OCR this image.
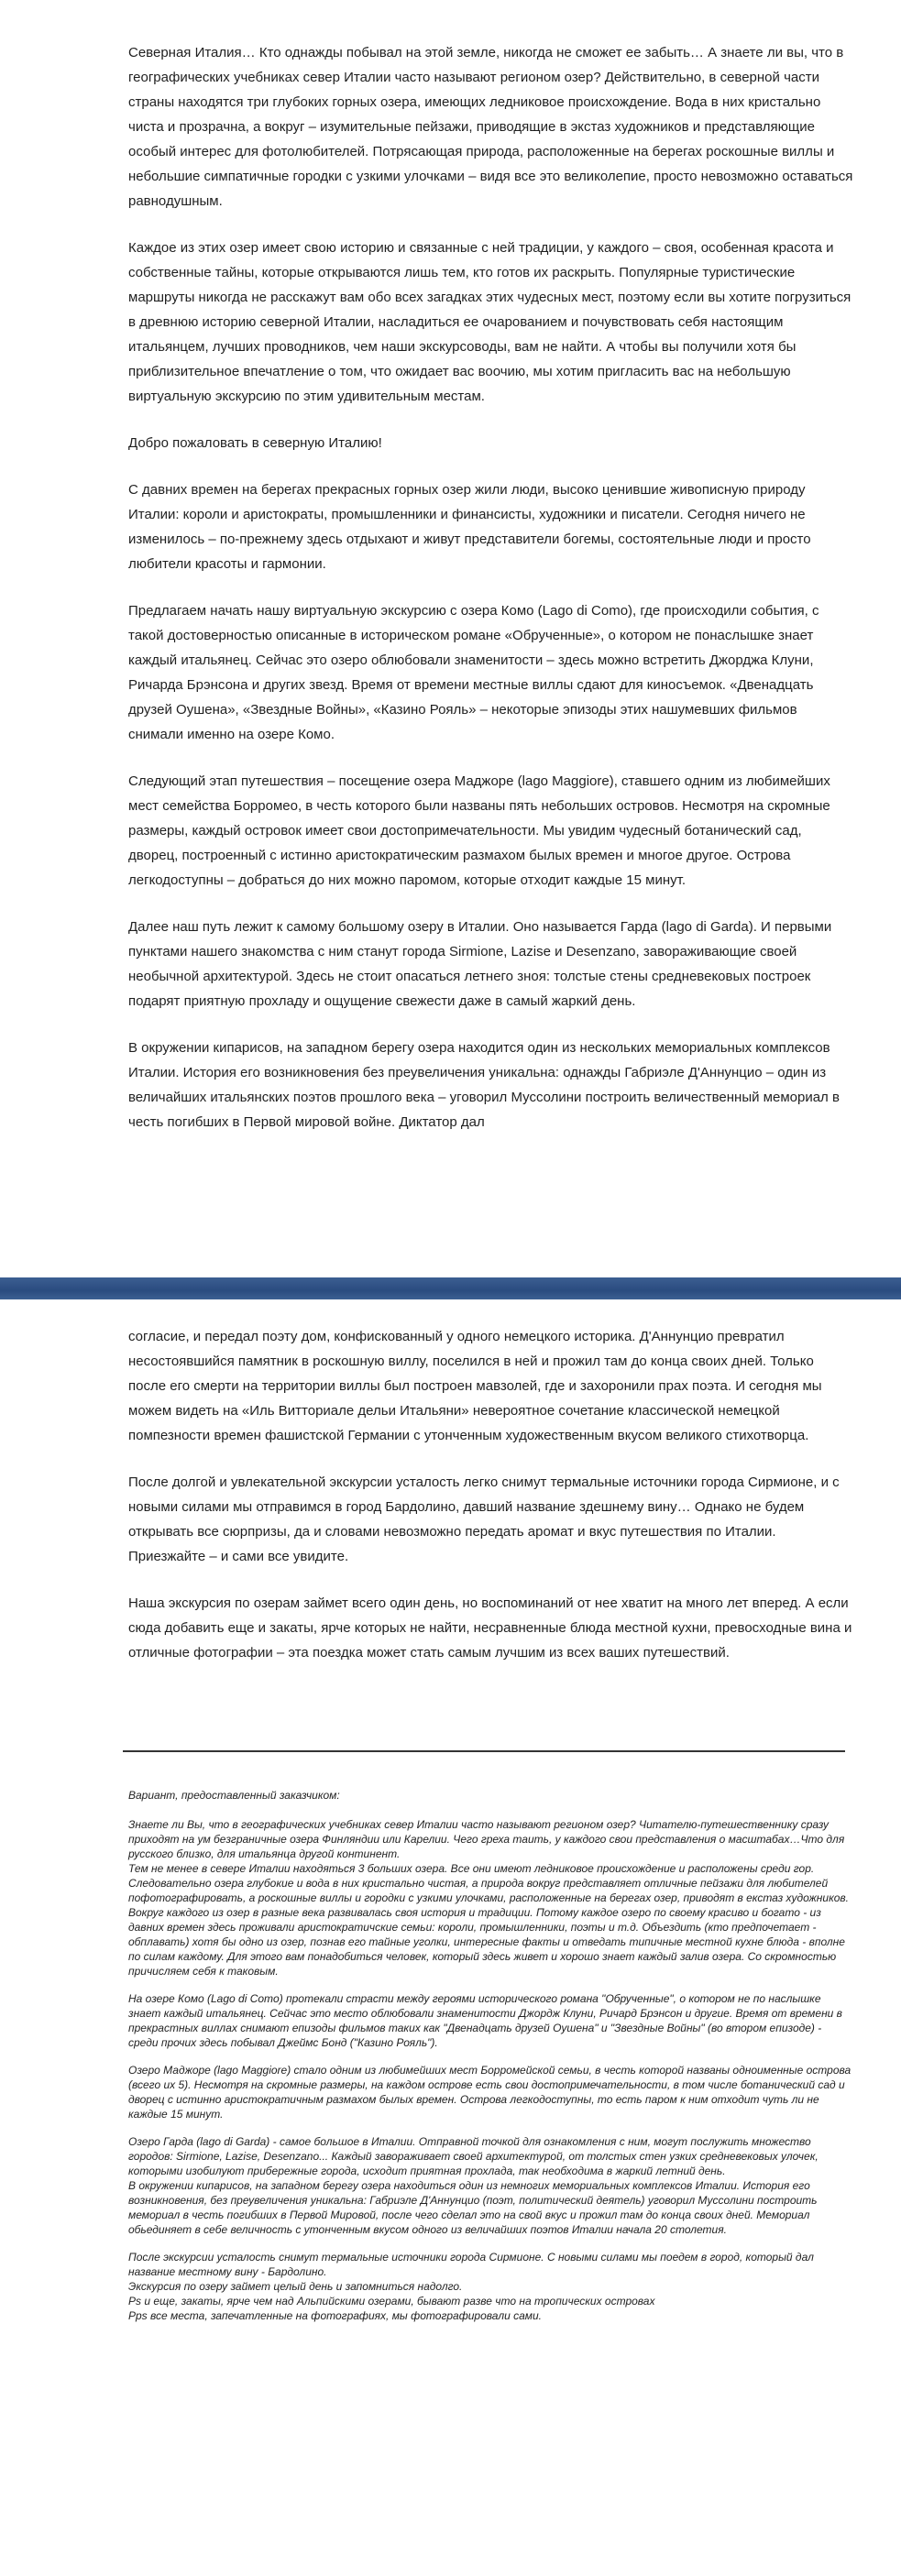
Северная Италия… Кто однажды побывал на этой земле, никогда не сможет ее забыть… А знаете ли вы, что в географических учебниках север Италии часто называют регионом озер? Действительно, в северной части страны находятся три глубоких горных озера, имеющих ледниковое происхождение. Вода в них кристально чиста и прозрачна, а вокруг – изумительные пейзажи, приводящие в экстаз художников и представляющие особый интерес для фотолюбителей. Потрясающая природа, расположенные на берегах роскошные виллы и небольшие симпатичные городки с узкими улочками – видя все это великолепие, просто невозможно оставаться равнодушным.

Каждое из этих озер имеет свою историю и связанные с ней традиции, у каждого – своя, особенная красота и собственные тайны, которые открываются лишь тем, кто готов их раскрыть. Популярные туристические маршруты никогда не расскажут вам обо всех загадках этих чудесных мест, поэтому если вы хотите погрузиться в древнюю историю северной Италии, насладиться ее очарованием и почувствовать себя настоящим итальянцем, лучших проводников, чем наши экскурсоводы, вам не найти. А чтобы вы получили хотя бы приблизительное впечатление о том, что ожидает вас воочию, мы хотим пригласить вас на небольшую виртуальную экскурсию по этим удивительным местам.

Добро пожаловать в северную Италию!

С давних времен на берегах прекрасных горных озер жили люди, высоко ценившие живописную природу Италии: короли и аристократы, промышленники и финансисты, художники и писатели. Сегодня ничего не изменилось – по-прежнему здесь отдыхают и живут представители богемы, состоятельные люди и просто любители красоты и гармонии.

Предлагаем начать нашу виртуальную экскурсию с озера Комо (Lago di Como), где происходили события, с такой достоверностью описанные в историческом романе «Обрученные», о котором не понаслышке знает каждый итальянец. Сейчас это озеро облюбовали знаменитости – здесь можно встретить Джорджа Клуни, Ричарда Брэнсона и других звезд. Время от времени местные виллы сдают для киносъемок. «Двенадцать друзей Оушена», «Звездные Войны», «Казино Рояль» – некоторые эпизоды этих нашумевших фильмов снимали именно на озере Комо.

Следующий этап путешествия – посещение озера Маджоре (lago Maggiore), ставшего одним из любимейших мест семейства Борромео, в честь которого были названы пять небольших островов. Несмотря на скромные размеры, каждый островок имеет свои достопримечательности. Мы увидим чудесный ботанический сад, дворец, построенный с истинно аристократическим размахом былых времен и многое другое. Острова легкодоступны – добраться до них можно паромом, которые отходит каждые 15 минут.

Далее наш путь лежит к самому большому озеру в Италии. Оно называется Гарда (lago di Garda). И первыми пунктами нашего знакомства с ним станут города Sirmione, Lazise и Desenzano, завораживающие своей необычной архитектурой. Здесь не стоит опасаться летнего зноя: толстые стены средневековых построек подарят приятную прохладу и ощущение свежести даже в самый жаркий день.

В окружении кипарисов, на западном берегу озера находится один из нескольких мемориальных комплексов Италии. История его возникновения без преувеличения уникальна: однажды Габриэле Д'Аннунцио – один из величайших итальянских поэтов прошлого века – уговорил Муссолини построить величественный мемориал в честь погибших в Первой мировой войне. Диктатор дал

согласие, и передал поэту дом, конфискованный у одного немецкого историка. Д'Аннунцио превратил несостоявшийся памятник в роскошную виллу, поселился в ней и прожил там до конца своих дней. Только после его смерти на территории виллы был построен мавзолей, где и захоронили прах поэта. И сегодня мы можем видеть на «Иль Витториале дельи Итальяни» невероятное сочетание классической немецкой помпезности времен фашистской Германии с утонченным художественным вкусом великого стихотворца.

После долгой и увлекательной экскурсии усталость легко снимут термальные источники города Сирмионе, и с новыми силами мы отправимся в город Бардолино, давший название здешнему вину… Однако не будем открывать все сюрпризы, да и словами невозможно передать аромат и вкус путешествия по Италии. Приезжайте – и сами все увидите.

Наша экскурсия по озерам займет всего один день, но воспоминаний от нее хватит на много лет вперед. А если сюда добавить еще и закаты, ярче которых не найти, несравненные блюда местной кухни, превосходные вина и отличные фотографии – эта поездка может стать самым лучшим из всех ваших путешествий.

Вариант, предоставленный заказчиком:

Знаете ли Вы, что в географических учебниках север Италии часто называют регионом озер? Читателю-путешественнику сразу приходят на ум безграничные озера Финляндии или Карелии. Чего греха таить, у каждого свои представления о масштабах…Что для русского близко, для итальянца другой континент.
Тем не менее в северe Италии находяться 3 больших озера. Все они имеют ледниковое происхождение и расположены среди гор. Следовательно озера глубокие и вода в них кристально чистая, а природа вокруг представляет отличные пейзажи для любителей пофотографировать, а роскошные виллы и городки с узкими улочками, расположенные на берегах озер, приводят в екстаз художников.
Вокруг каждого из озер в разные века развивалась своя история и традиции. Потому каждое озеро по своему красиво и богато - из давних времен здесь проживали аристократичские семьи: короли, промышленники, поэты и т.д. Объездить (кто предпочетает - обплавать) хотя бы одно из озер, познав его тайные уголки, интересные факты и отведать типичные местной кухне блюда - вполне по силам каждому. Для этого вам понадобиться человек, который здесь живет и хорошо знает каждый залив озера. Со скромностью причисляем себя к таковым.

На озере Комо (Lago di Como) протекали страсти между героями исторического романа "Обрученные", о котором не по наслышке знает каждый итальянец. Сейчас это место облюбовали знаменитости Джордж Клуни, Ричард Брэнсон и другие. Время от времени в прекрастных виллах снимают епизоды фильмов таких как "Двенадцать друзей Оушена" и "Звездные Войны" (во втором епизоде) - среди прочих здесь побывал Джеймс Бонд ("Казино Рояль").

Озеро Маджоре (lago Maggiore) стало одним из любимейших мест Борромейской семьи, в честь которой названы одноименные острова (всего их 5). Несмотря на скромные размеры, на каждом острове есть свои достопримечательности, в том числе ботанический сад и дворец с истинно аристократичным размахом былых времен. Острова легкодоступны, то есть паром к ним отходит чуть ли не каждые 15 минут.

Озеро Гарда (lago di Garda) - самое большое в Италии. Отправной точкой для ознакомления с ним, могут послужить множество городов: Sirmione, Lazise, Desenzano... Каждый завораживает своей архитектурой, от толстых стен узких средневековых улочек, которыми изобилуют прибережные города, исходит приятная прохлада, так необходима в жаркий летний день.
В окружении кипарисов, на западном берегу озера находиться один из немногих мемориальных комплексов Италии. История его возникновения, без преувеличения уникальна: Габриэле Д'Аннунцио (поэт, политический деятель) уговорил Муссолини построить мемориал в честь погибших в Первой Мировой, после чего сделал это на свой вкус и прожил там до конца своих дней. Мемориал обьединяет в себе величность с утонченным вкусом одного из величайших поэтов Италии начала 20 столетия.

После экскурсии усталость снимут термальные источники города Сирмионе. С новыми силами мы поедем в город, который дал название местному вину - Бардолино.
Экскурсия по озеру займет целый день и запомниться надолго.
Ps и еще, закаты, ярче чем над Альпийскими озерами, бывают разве что на тропических островах
Pps все места, запечатленные на фотографиях, мы фотографировали сами.
